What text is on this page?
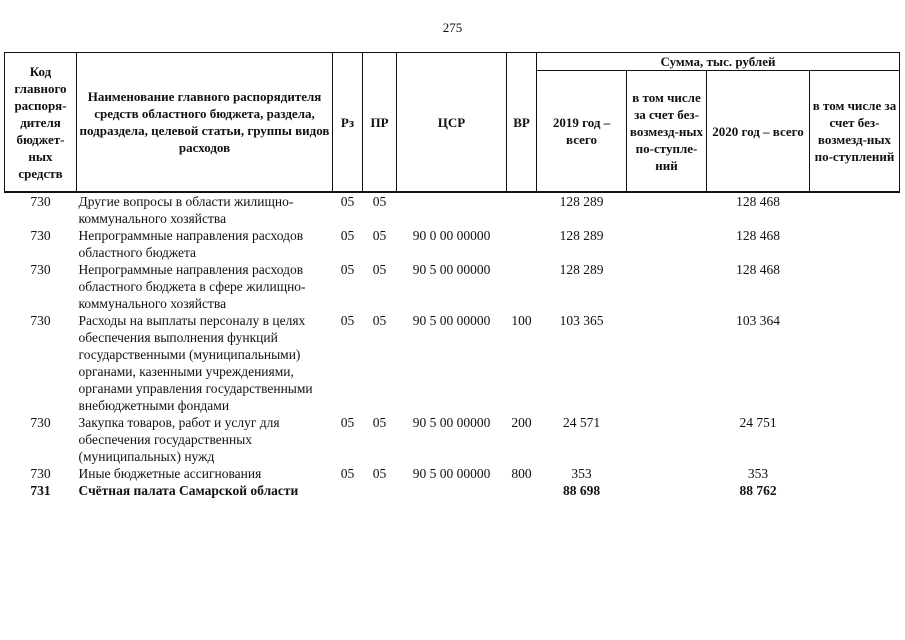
275
Код главного распоря-дителя бюджет-ных средств	Наименование главного распорядителя средств областного бюджета, раздела, подраздела, целевой статьи, группы видов расходов	Рз	ПР	ЦСР	ВР	Сумма, тыс. рублей			
						2019 год – всего	в том числе за счет без-возмезд-ных по-ступле-ний	2020 год – всего	в том числе за счет без-возмезд-ных по-ступлений
730	Другие вопросы в области жилищно-коммунального хозяйства	05	05			128 289		128 468	
730	Непрограммные направления расходов областного бюджета	05	05	90 0 00 00000		128 289		128 468	
730	Непрограммные направления расходов областного бюджета в сфере жилищно-коммунального хозяйства	05	05	90 5 00 00000		128 289		128 468	
730	Расходы на выплаты персоналу в целях обеспечения выполнения функций государственными (муниципальными) органами, казенными учреждениями, органами управления государственными внебюджетными фондами	05	05	90 5 00 00000	100	103 365		103 364	
730	Закупка товаров, работ и услуг для обеспечения государственных (муниципальных) нужд	05	05	90 5 00 00000	200	24 571		24 751	
730	Иные бюджетные ассигнования	05	05	90 5 00 00000	800	353		353	
731	Счётная палата Самарской области					88 698		88 762	
